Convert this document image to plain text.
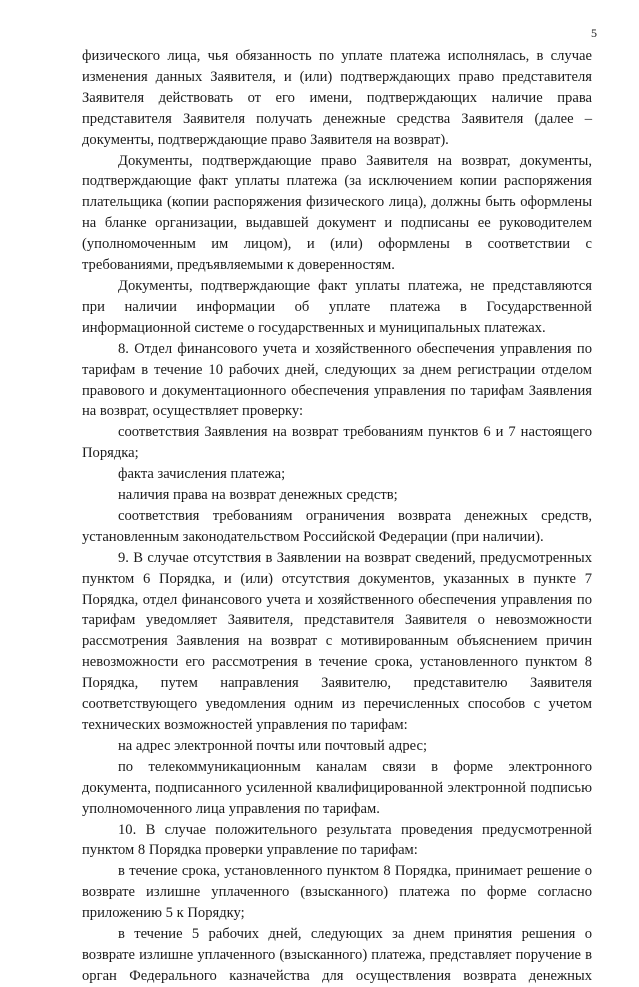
5

физического лица, чья обязанность по уплате платежа исполнялась, в случае изменения данных Заявителя, и (или) подтверждающих право представителя Заявителя действовать от его имени, подтверждающих наличие права представителя Заявителя получать денежные средства Заявителя (далее – документы, подтверждающие право Заявителя на возврат).

Документы, подтверждающие право Заявителя на возврат, документы, подтверждающие факт уплаты платежа (за исключением копии распоряжения плательщика (копии распоряжения физического лица), должны быть оформлены на бланке организации, выдавшей документ и подписаны ее руководителем (уполномоченным им лицом), и (или) оформлены в соответствии с требованиями, предъявляемыми к доверенностям.

Документы, подтверждающие факт уплаты платежа, не представляются при наличии информации об уплате платежа в Государственной информационной системе о государственных и муниципальных платежах.

8. Отдел финансового учета и хозяйственного обеспечения управления по тарифам в течение 10 рабочих дней, следующих за днем регистрации отделом правового и документационного обеспечения управления по тарифам Заявления на возврат, осуществляет проверку:

соответствия Заявления на возврат требованиям пунктов 6 и 7 настоящего Порядка;

факта зачисления платежа;

наличия права на возврат денежных средств;

соответствия требованиям ограничения возврата денежных средств, установленным законодательством Российской Федерации (при наличии).

9. В случае отсутствия в Заявлении на возврат сведений, предусмотренных пунктом 6 Порядка, и (или) отсутствия документов, указанных в пункте 7 Порядка, отдел финансового учета и хозяйственного обеспечения управления по тарифам уведомляет Заявителя, представителя Заявителя о невозможности рассмотрения Заявления на возврат с мотивированным объяснением причин невозможности его рассмотрения в течение срока, установленного пунктом 8 Порядка, путем направления Заявителю, представителю Заявителя соответствующего уведомления одним из перечисленных способов с учетом технических возможностей управления по тарифам:

на адрес электронной почты или почтовый адрес;

по телекоммуникационным каналам связи в форме электронного документа, подписанного усиленной квалифицированной электронной подписью уполномоченного лица управления по тарифам.

10. В случае положительного результата проведения предусмотренной пунктом 8 Порядка проверки управление по тарифам:

в течение срока, установленного пунктом 8 Порядка, принимает решение о возврате излишне уплаченного (взысканного) платежа по форме согласно приложению 5 к Порядку;

в течение 5 рабочих дней, следующих за днем принятия решения о возврате излишне уплаченного (взысканного) платежа, представляет поручение в орган Федерального казначейства для осуществления возврата денежных
